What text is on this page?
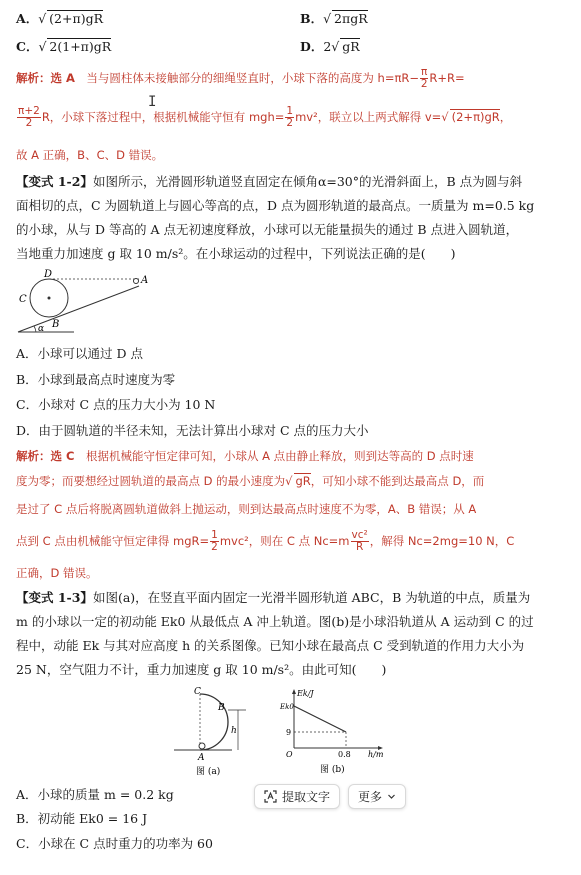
A．√ (2+π)gR	B．√ 2πgR
C．√ 2(1+π)gR	D．2√ gR
解析：选 A　 当与圆柱体未接触部分的细绳竖直时，小球下落的高度为 $h=\pi R- \frac{\pi}{2} R+R=$
I
$\frac{\pi+2}{2}$ R，小球下落过程中，根据机械能守恒有 $mgh= \frac{1}{2} mv^2$，联立以上两式解得 v=√ (2+π)gR，
故 A 正确，B、C、D 错误。
【变式 1-2】如图所示，光滑圆形轨道竖直固定在倾角α=30°的光滑斜面上，B 点为圆与斜
面相切的点，C 为圆轨道上与圆心等高的点，D 点为圆形轨道的最高点。一质量为 m=0.5 kg
的小球，从与 D 等高的 A 点无初速度释放，小球可以无能量损失的通过 B 点进入圆轨道，
当地重力加速度 g 取 10 m/s²。在小球运动的过程中，下列说法正确的是(　　)
D
A
C
B
α
A．小球可以通过 D 点
B．小球到最高点时速度为零
C．小球对 C 点的压力大小为 10 N
D．由于圆轨道的半径未知，无法计算出小球对 C 点的压力大小
解析：选 C　 根据机械能守恒定律可知，小球从 A 点由静止释放，则到达等高的 D 点时速
度为零；而要想经过圆轨道的最高点 D 的最小速度为√ gR，可知小球不能到达最高点 D，而
是过了 C 点后将脱离圆轨道做斜上抛运动，则到达最高点时速度不为零，A、B 错误；从 A
点到 C 点由机械能守恒定律得 $mgR= \frac{1}{2} mvc^2$，则在 C 点 $Nc=m \frac{\text{vc²}}{R}$ ，解得 Nc=2mg=10 N，C
正确，D 错误。
【变式 1-3】如图(a)，在竖直平面内固定一光滑半圆形轨道 ABC，B 为轨道的中点，质量为
m 的小球以一定的初动能 Ek0 从最低点 A 冲上轨道。图(b)是小球沿轨道从 A 运动到 C 的过
程中，动能 Ek 与其对应高度 h 的关系图像。已知小球在最高点 C 受到轨道的作用力大小为
25 N，空气阻力不计，重力加速度 g 取 10 m/s²。由此可知(　　)
C
B
A
h
图 (a)
Ek/J
Ek0
9
O	0.8 h/m
图 (b)
A．小球的质量 m = 0.2 kg
B．初动能 Ek0 = 16 J
C．小球在 C 点时重力的功率为 60
提取文字 更多
